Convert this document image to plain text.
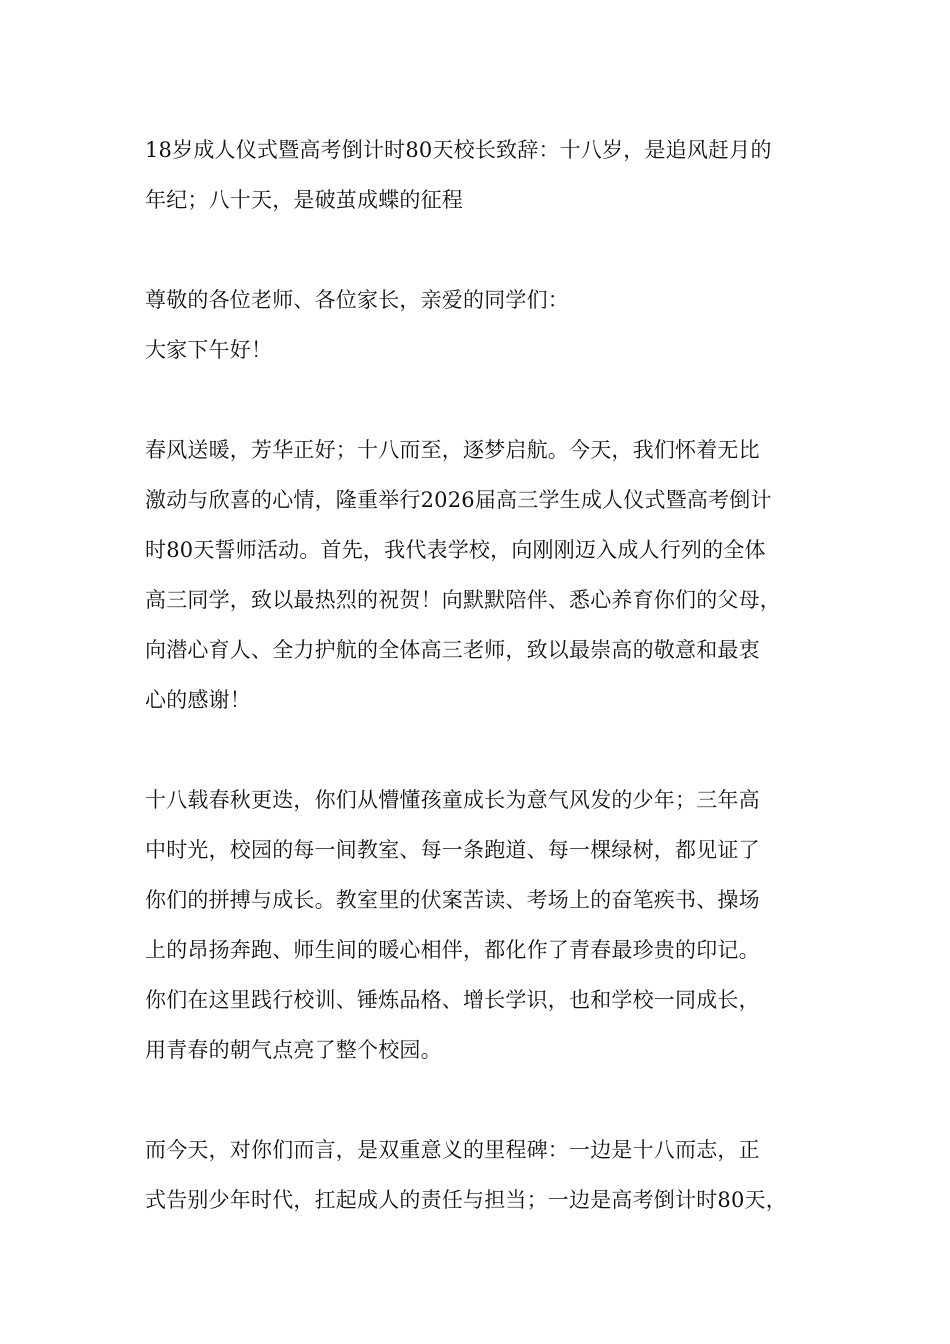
18岁成人仪式暨高考倒计时80天校长致辞：十八岁，是追风赶月的
年纪；八十天，是破茧成蝶的征程
尊敬的各位老师、各位家长，亲爱的同学们：
大家下午好！
春风送暖，芳华正好；十八而至，逐梦启航。今天，我们怀着无比
激动与欣喜的心情，隆重举行2026届高三学生成人仪式暨高考倒计
时80天誓师活动。首先，我代表学校，向刚刚迈入成人行列的全体
高三同学，致以最热烈的祝贺！向默默陪伴、悉心养育你们的父母，
向潜心育人、全力护航的全体高三老师，致以最崇高的敬意和最衷
心的感谢！
十八载春秋更迭，你们从懵懂孩童成长为意气风发的少年；三年高
中时光，校园的每一间教室、每一条跑道、每一棵绿树，都见证了
你们的拼搏与成长。教室里的伏案苦读、考场上的奋笔疾书、操场
上的昂扬奔跑、师生间的暖心相伴，都化作了青春最珍贵的印记。
你们在这里践行校训、锤炼品格、增长学识，也和学校一同成长，
用青春的朝气点亮了整个校园。
而今天，对你们而言，是双重意义的里程碑：一边是十八而志，正
式告别少年时代，扛起成人的责任与担当；一边是高考倒计时80天，
